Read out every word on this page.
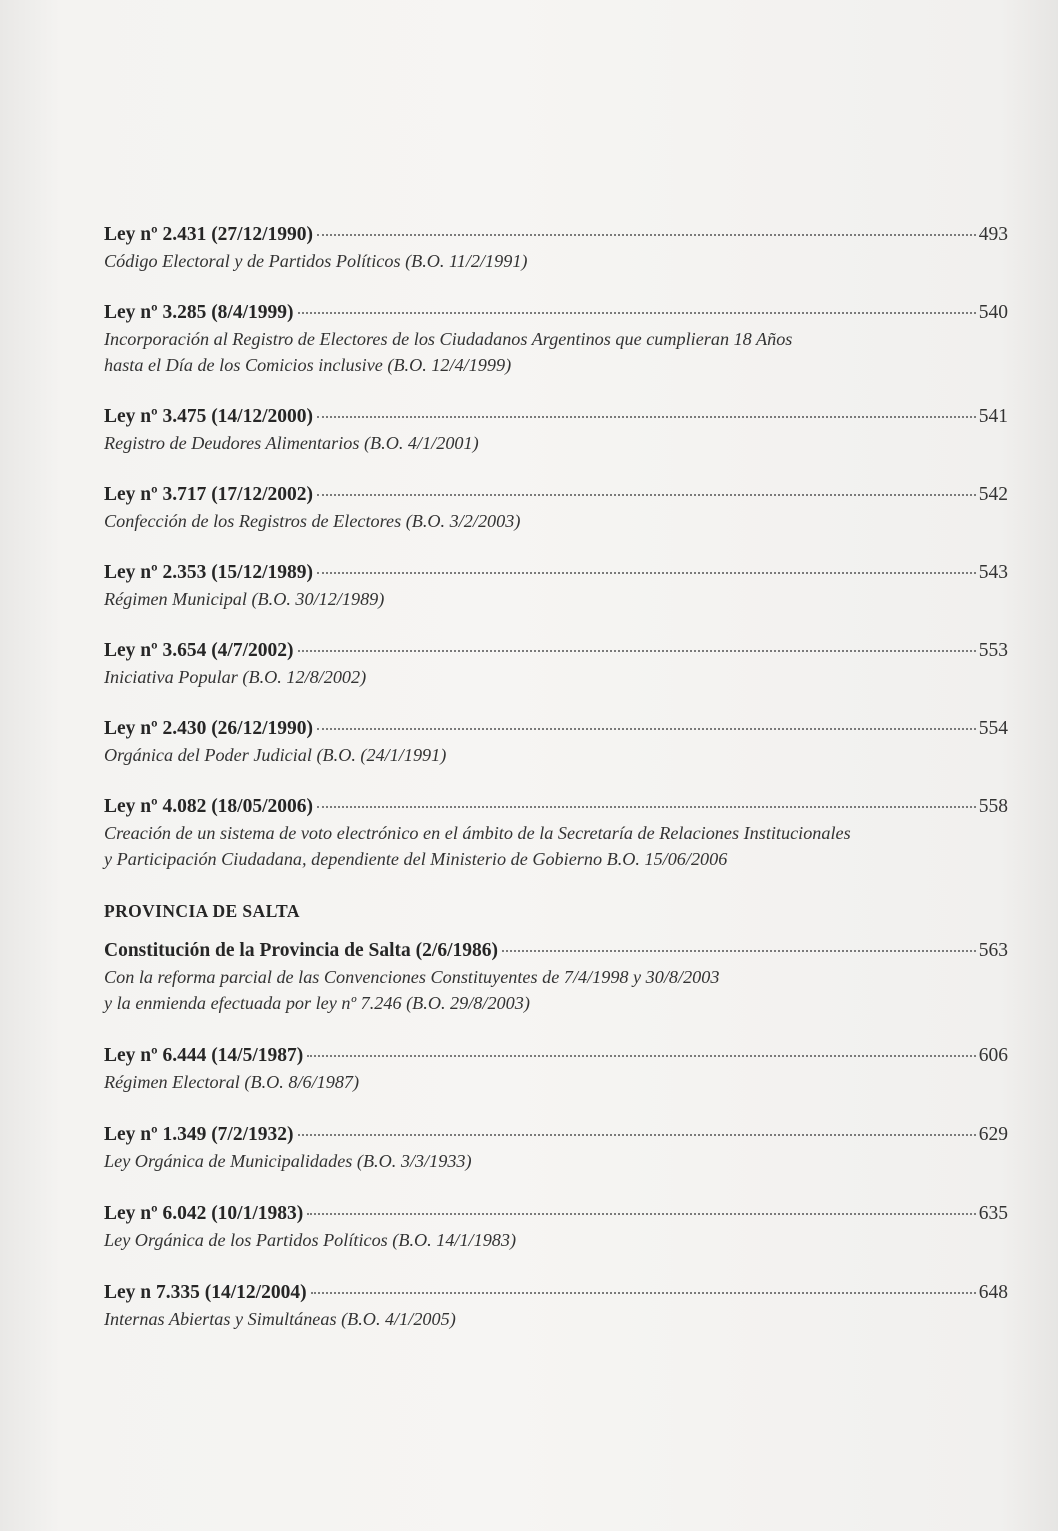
Ley nº 2.431 (27/12/1990)	493
Código Electoral y de Partidos Políticos (B.O. 11/2/1991)
Ley nº 3.285 (8/4/1999)	540
Incorporación al Registro de Electores de los Ciudadanos Argentinos que cumplieran 18 Años
hasta el Día de los Comicios inclusive (B.O. 12/4/1999)
Ley nº 3.475 (14/12/2000)	541
Registro de Deudores Alimentarios (B.O. 4/1/2001)
Ley nº 3.717 (17/12/2002)	542
Confección de los Registros de Electores (B.O. 3/2/2003)
Ley nº 2.353 (15/12/1989)	543
Régimen Municipal (B.O. 30/12/1989)
Ley nº 3.654 (4/7/2002)	553
Iniciativa Popular (B.O. 12/8/2002)
Ley nº 2.430 (26/12/1990)	554
Orgánica del Poder Judicial (B.O. (24/1/1991)
Ley nº 4.082 (18/05/2006)	558
Creación de un sistema de voto electrónico en el ámbito de la Secretaría de Relaciones Institucionales
y Participación Ciudadana, dependiente del Ministerio de Gobierno B.O. 15/06/2006
PROVINCIA DE SALTA
Constitución de la Provincia de Salta (2/6/1986)	563
Con la reforma parcial de las Convenciones Constituyentes de 7/4/1998 y 30/8/2003
y la enmienda efectuada por ley nº 7.246 (B.O. 29/8/2003)
Ley nº 6.444 (14/5/1987)	606
Régimen Electoral (B.O. 8/6/1987)
Ley nº 1.349 (7/2/1932)	629
Ley Orgánica de Municipalidades (B.O. 3/3/1933)
Ley nº 6.042 (10/1/1983)	635
Ley Orgánica de los Partidos Políticos (B.O. 14/1/1983)
Ley n 7.335 (14/12/2004)	648
Internas Abiertas y Simultáneas (B.O. 4/1/2005)
